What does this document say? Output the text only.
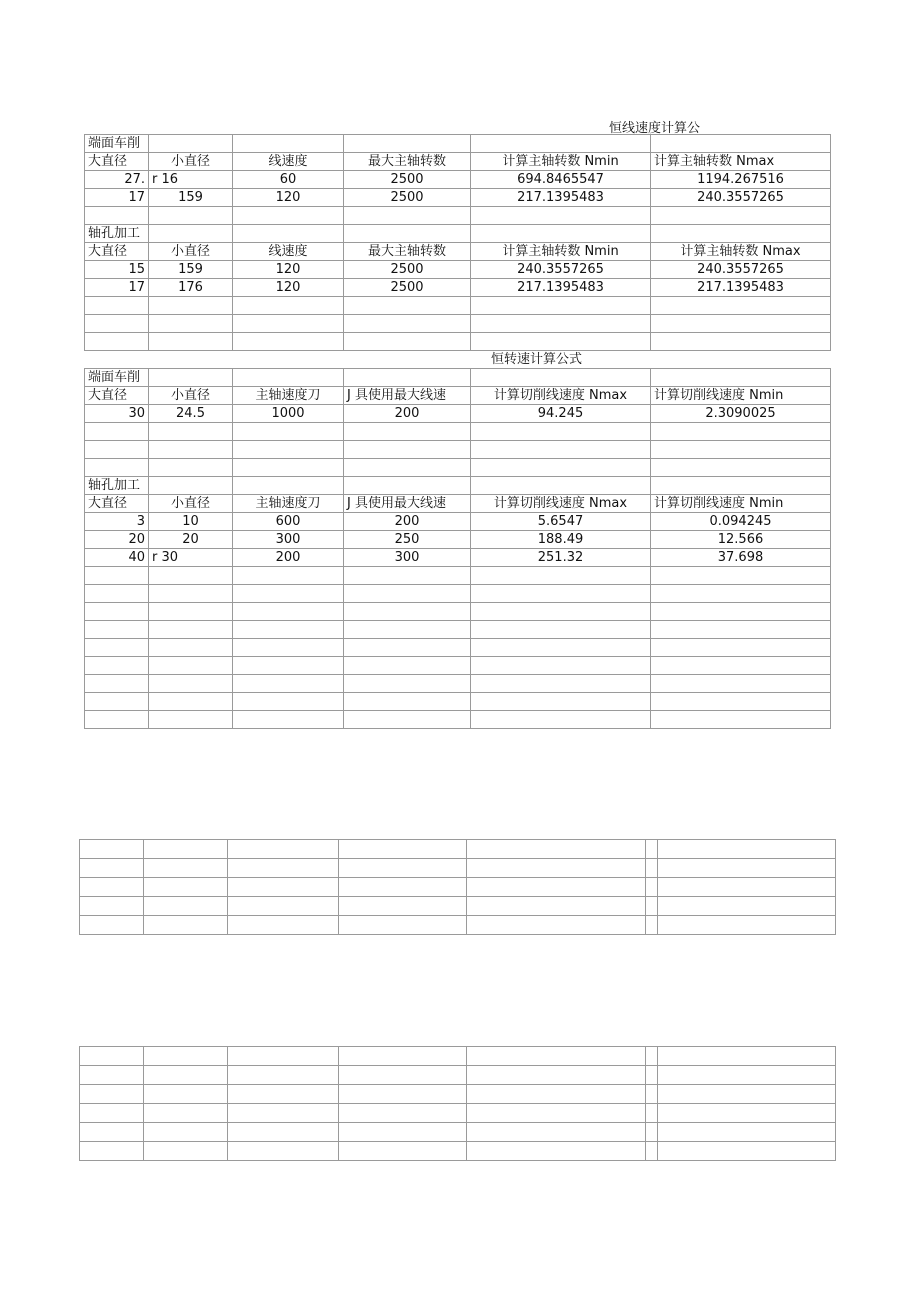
恒线速度计算公
端面车削					
大直径	小直径	线速度	最大主轴转数	计算主轴转数 Nmin	计算主轴转数 Nmax
27.	r 16	60	2500	694.8465547	1194.267516
17	159	120	2500	217.1395483	240.3557265

轴孔加工					
大直径	小直径	线速度	最大主轴转数	计算主轴转数 Nmin	计算主轴转数 Nmax
15	159	120	2500	240.3557265	240.3557265
17	176	120	2500	217.1395483	217.1395483

				恒转速计算公式	
端面车削					
大直径	小直径	主轴速度刀	J 具使用最大线速	计算切削线速度 Nmax	计算切削线速度 Nmin
30	24.5	1000	200	94.245	2.3090025

轴孔加工					
大直径	小直径	主轴速度刀	J 具使用最大线速	计算切削线速度 Nmax	计算切削线速度 Nmin
3	10	600	200	5.6547	0.094245
20	20	300	250	188.49	12.566
40	r 30	200	300	251.32	37.698
